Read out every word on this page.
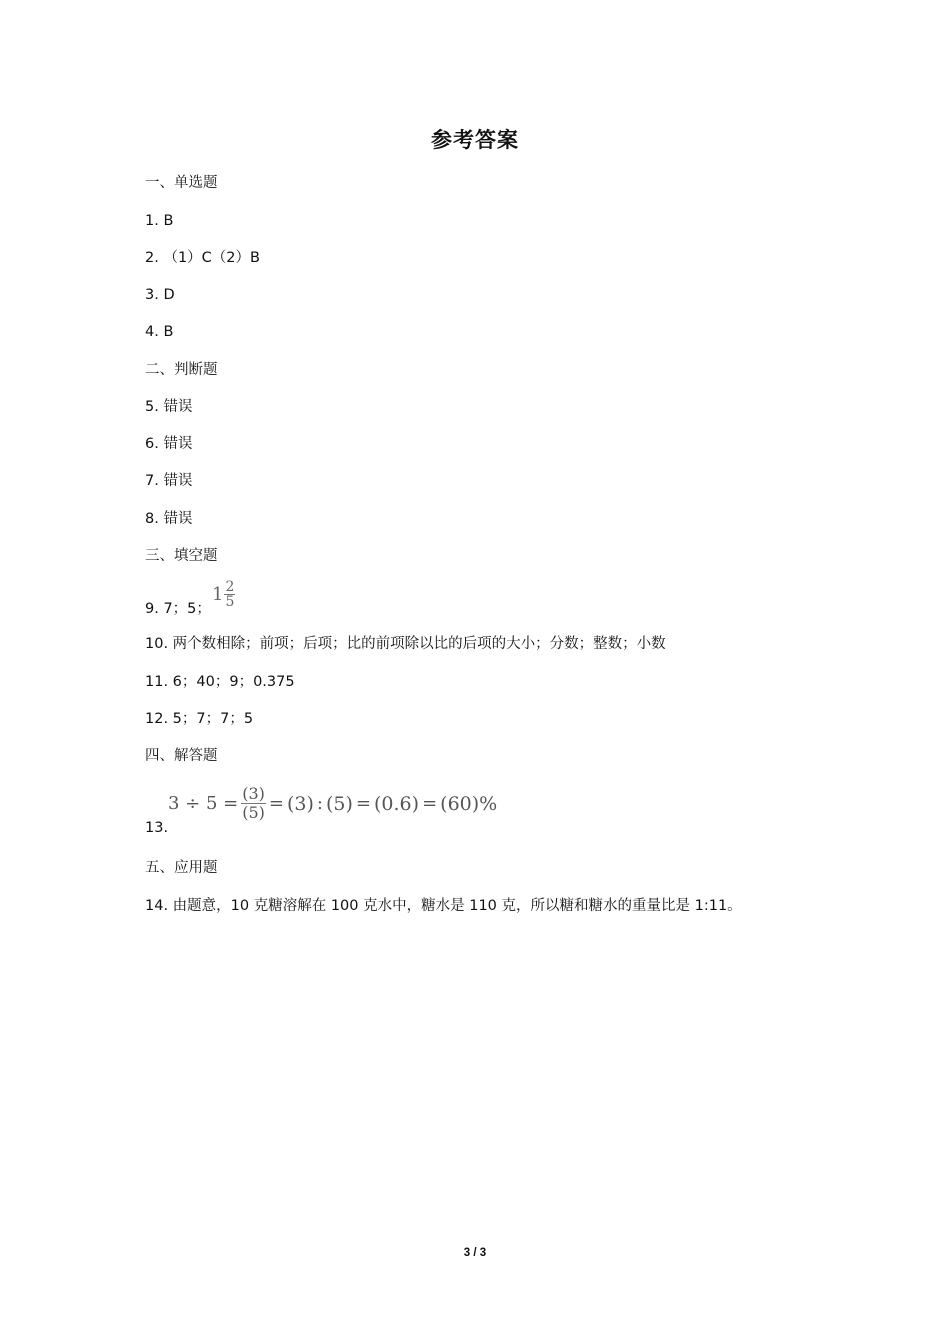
参考答案
一、单选题
1. B
2. （1）C（2）B
3. D
4. B
二、判断题
5. 错误
6. 错误
7. 错误
8. 错误
三、填空题
9. 7；5；
$1 \frac{2}{5}$
10. 两个数相除；前项；后项；比的前项除以比的后项的大小；分数；整数；小数
11. 6；40；9；0.375
12. 5；7；7；5
四、解答题
$3 \div 5 = \frac{(3)}{(5)} = (3)$ : (5) = (0.6) = (60)%
13.
五、应用题
14. 由题意，10 克糖溶解在 100 克水中，糖水是 110 克，所以糖和糖水的重量比是 1:11。
3 / 3
